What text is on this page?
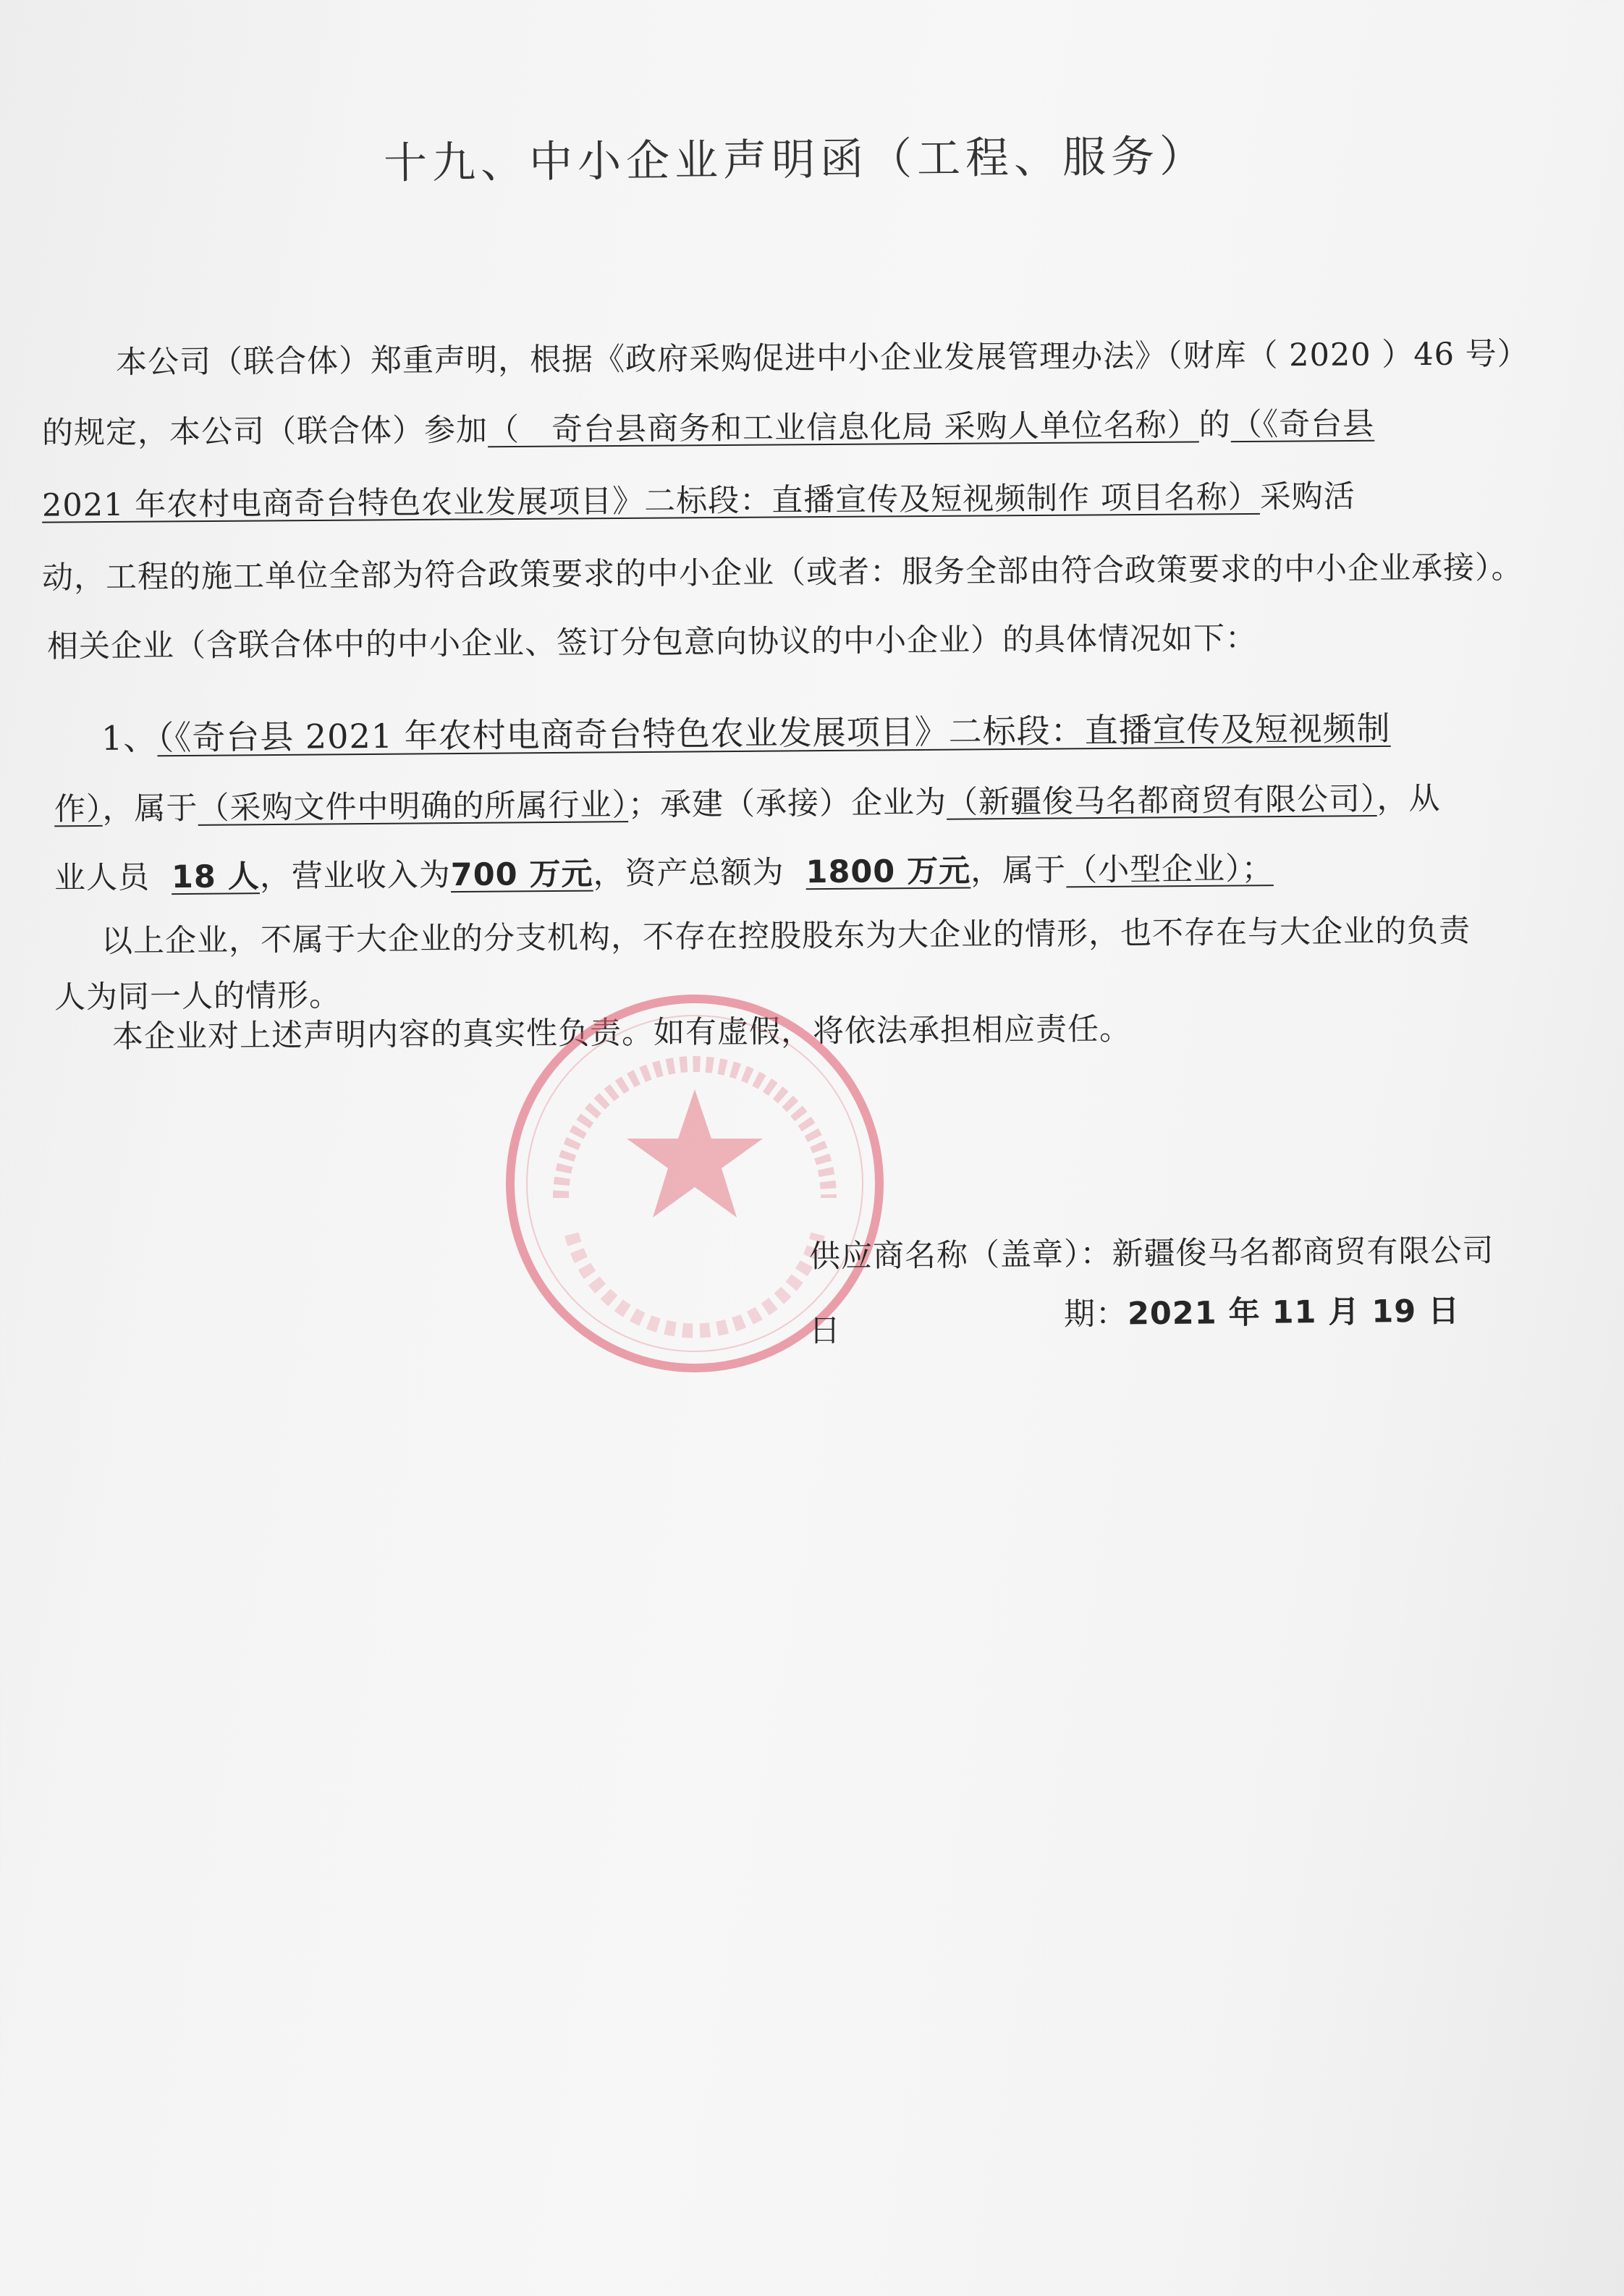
十九、中小企业声明函（工程、服务）
本公司（联合体）郑重声明，根据《政府采购促进中小企业发展管理办法》（财库（ 2020 ）46 号）
的规定，本公司（联合体）参加（　奇台县商务和工业信息化局 采购人单位名称）的（《奇台县
2021 年农村电商奇台特色农业发展项目》二标段：直播宣传及短视频制作 项目名称）采购活
动，工程的施工单位全部为符合政策要求的中小企业（或者：服务全部由符合政策要求的中小企业承接）。
相关企业（含联合体中的中小企业、签订分包意向协议的中小企业）的具体情况如下：
1、（《奇台县 2021 年农村电商奇台特色农业发展项目》二标段：直播宣传及短视频制
作），属于（采购文件中明确的所属行业）；承建（承接）企业为（新疆俊马名都商贸有限公司），从
业人员 18 人，营业收入为700 万元，资产总额为 1800 万元，属于（小型企业）；
以上企业，不属于大企业的分支机构，不存在控股股东为大企业的情形，也不存在与大企业的负责
人为同一人的情形。
本企业对上述声明内容的真实性负责。如有虚假，将依法承担相应责任。
供应商名称（盖章）：新疆俊马名都商贸有限公司
日	期：2021 年 11 月 19 日
